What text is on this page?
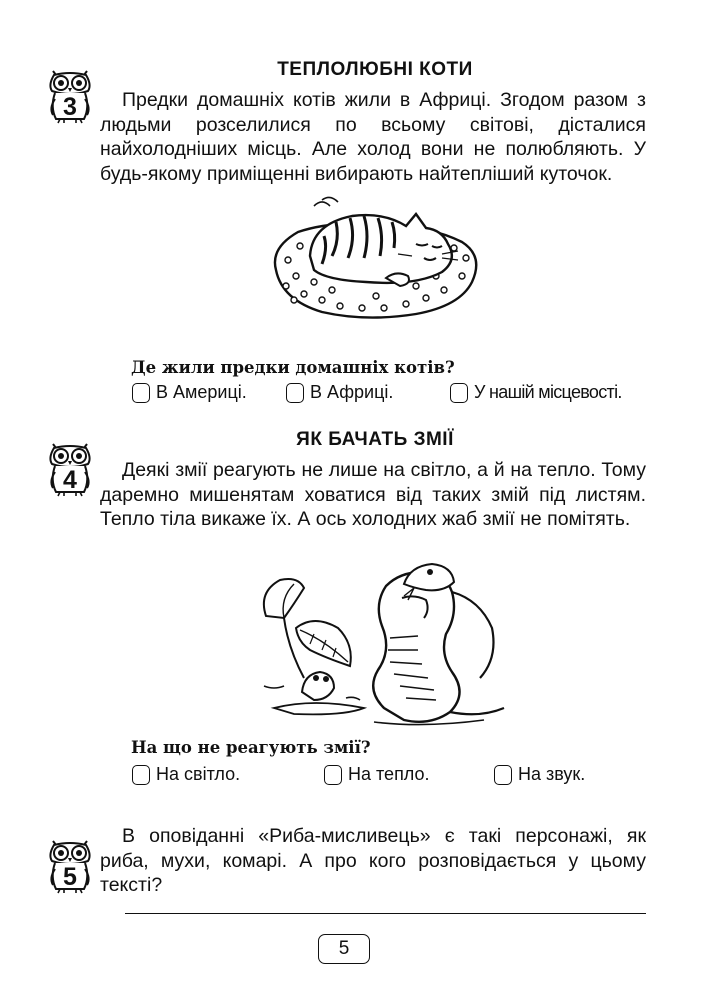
3
ТЕПЛОЛЮБНІ КОТИ
Предки домашніх котів жили в Африці. Згодом разом з людьми розселилися по всьому світові, дісталися найхолодніших місць. Але холод вони не полюбляють. У будь-якому приміщенні вибирають найтепліший куточок.
Де жили предки домашніх котів?
В Америці.	В Африці.	У нашій місцевості.
4
ЯК БАЧАТЬ ЗМІЇ
Деякі змії реагують не лише на світло, а й на тепло. Тому даремно мишенятам ховатися від таких змій під листям. Тепло тіла викаже їх. А ось холодних жаб змії не помітять.
На що не реагують змії?
На світло.	На тепло.	На звук.
5
В оповіданні «Риба-мисливець» є такі персонажі, як риба, мухи, комарі. А про кого розповідається у цьому тексті?
5
